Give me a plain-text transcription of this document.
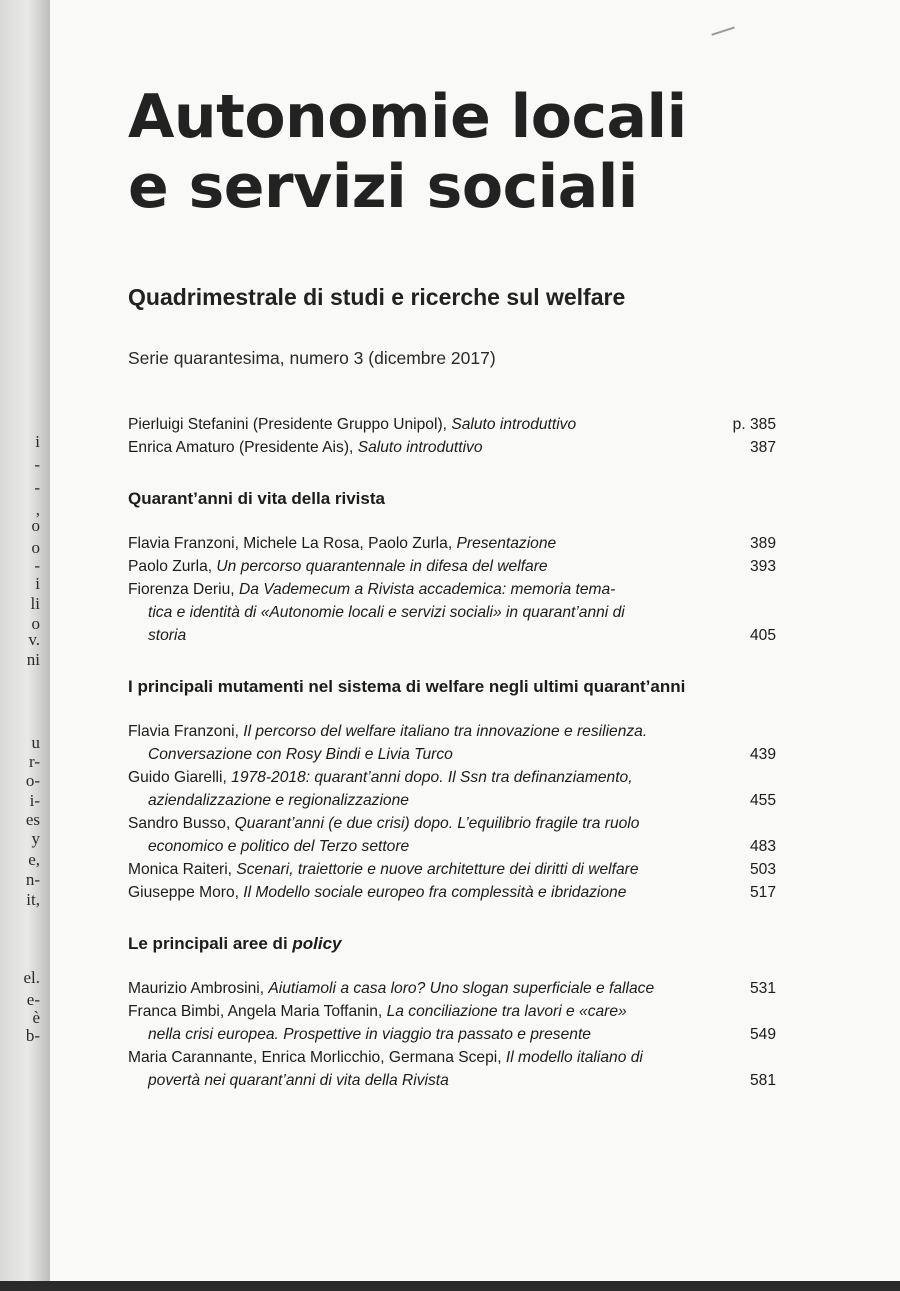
i
-
-
,
o
o
-
i
li
o
v.
ni
u
r-
o-
i-
es
y
e,
n-
it,
el.
e-
è
b-
Autonomie locali
e servizi sociali
Quadrimestrale di studi e ricerche sul welfare
Serie quarantesima, numero 3 (dicembre 2017)
Pierluigi Stefanini (Presidente Gruppo Unipol), Saluto introduttivo	p. 385
Enrica Amaturo (Presidente Ais), Saluto introduttivo	387
Quarant’anni di vita della rivista
Flavia Franzoni, Michele La Rosa, Paolo Zurla, Presentazione	389
Paolo Zurla, Un percorso quarantennale in difesa del welfare	393
Fiorenza Deriu, Da Vademecum a Rivista accademica: memoria tema-
tica e identità di «Autonomie locali e servizi sociali» in quarant’anni di
storia	405
I principali mutamenti nel sistema di welfare negli ultimi quarant’anni
Flavia Franzoni, Il percorso del welfare italiano tra innovazione e resilienza.
Conversazione con Rosy Bindi e Livia Turco	439
Guido Giarelli, 1978-2018: quarant’anni dopo. Il Ssn tra definanziamento,
aziendalizzazione e regionalizzazione	455
Sandro Busso, Quarant’anni (e due crisi) dopo. L’equilibrio fragile tra ruolo
economico e politico del Terzo settore	483
Monica Raiteri, Scenari, traiettorie e nuove architetture dei diritti di welfare	503
Giuseppe Moro, Il Modello sociale europeo fra complessità e ibridazione	517
Le principali aree di policy
Maurizio Ambrosini, Aiutiamoli a casa loro? Uno slogan superficiale e fallace	531
Franca Bimbi, Angela Maria Toffanin, La conciliazione tra lavori e «care»
nella crisi europea. Prospettive in viaggio tra passato e presente	549
Maria Carannante, Enrica Morlicchio, Germana Scepi, Il modello italiano di
povertà nei quarant’anni di vita della Rivista	581
